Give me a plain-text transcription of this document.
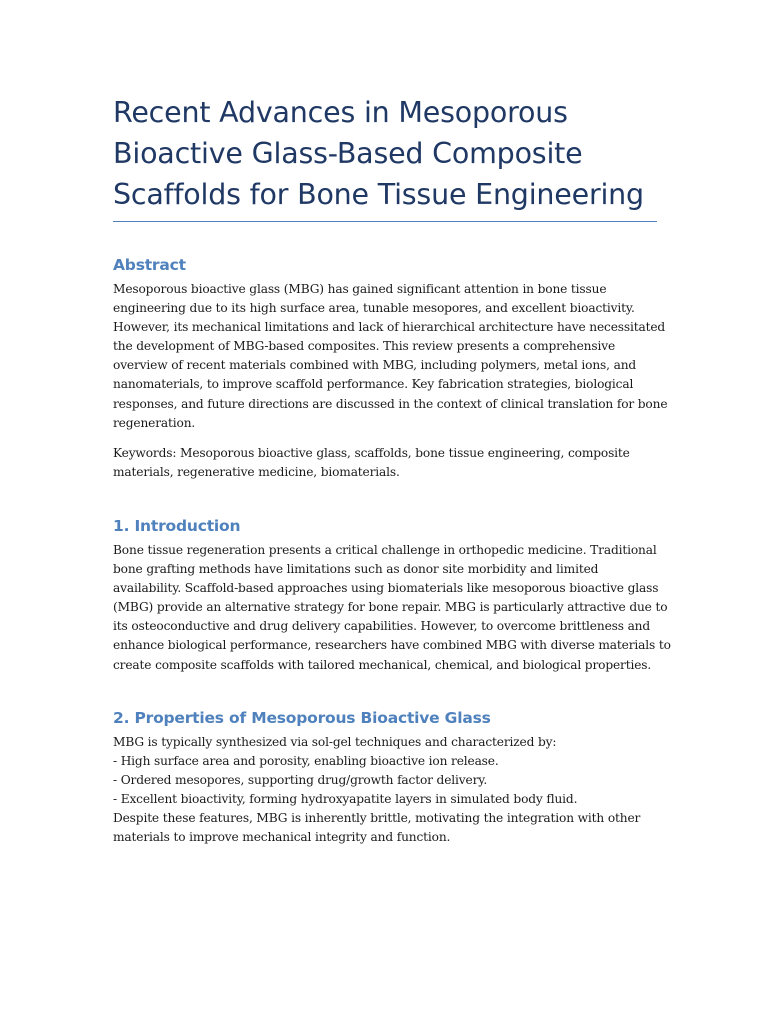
Recent Advances in Mesoporous
Bioactive Glass-Based Composite
Scaffolds for Bone Tissue Engineering
Abstract

Mesoporous bioactive glass (MBG) has gained significant attention in bone tissue
engineering due to its high surface area, tunable mesopores, and excellent bioactivity.
However, its mechanical limitations and lack of hierarchical architecture have necessitated
the development of MBG-based composites. This review presents a comprehensive
overview of recent materials combined with MBG, including polymers, metal ions, and
nanomaterials, to improve scaffold performance. Key fabrication strategies, biological
responses, and future directions are discussed in the context of clinical translation for bone
regeneration.

Keywords: Mesoporous bioactive glass, scaffolds, bone tissue engineering, composite
materials, regenerative medicine, biomaterials.

1. Introduction

Bone tissue regeneration presents a critical challenge in orthopedic medicine. Traditional
bone grafting methods have limitations such as donor site morbidity and limited
availability. Scaffold-based approaches using biomaterials like mesoporous bioactive glass
(MBG) provide an alternative strategy for bone repair. MBG is particularly attractive due to
its osteoconductive and drug delivery capabilities. However, to overcome brittleness and
enhance biological performance, researchers have combined MBG with diverse materials to
create composite scaffolds with tailored mechanical, chemical, and biological properties.

2. Properties of Mesoporous Bioactive Glass

MBG is typically synthesized via sol-gel techniques and characterized by:
- High surface area and porosity, enabling bioactive ion release.
- Ordered mesopores, supporting drug/growth factor delivery.
- Excellent bioactivity, forming hydroxyapatite layers in simulated body fluid.
Despite these features, MBG is inherently brittle, motivating the integration with other
materials to improve mechanical integrity and function.
